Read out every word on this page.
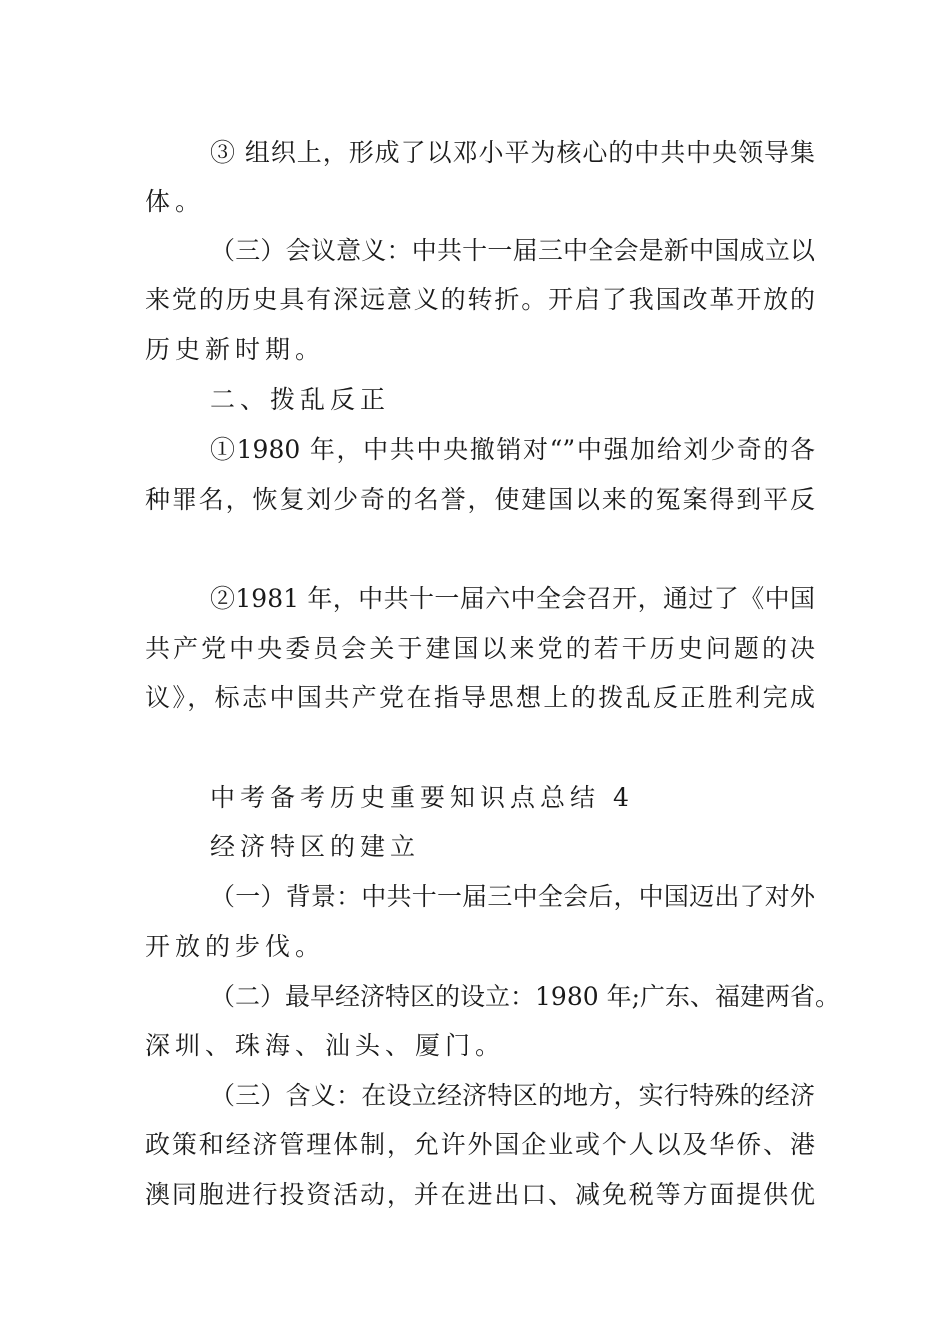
③ 组织上，形成了以邓小平为核心的中共中央领导集
体。
（三）会议意义：中共十一届三中全会是新中国成立以
来党的历史具有深远意义的转折。开启了我国改革开放的
历史新时期。
二、拨乱反正
①1980 年，中共中央撤销对“”中强加给刘少奇的各
种罪名，恢复刘少奇的名誉，使建国以来的冤案得到平反
②1981 年，中共十一届六中全会召开，通过了《中国
共产党中央委员会关于建国以来党的若干历史问题的决
议》，标志中国共产党在指导思想上的拨乱反正胜利完成
中考备考历史重要知识点总结 4
经济特区的建立
（一）背景：中共十一届三中全会后，中国迈出了对外
开放的步伐。
（二）最早经济特区的设立：1980 年;广东、福建两省。
深圳、珠海、汕头、厦门。
（三）含义：在设立经济特区的地方，实行特殊的经济
政策和经济管理体制，允许外国企业或个人以及华侨、港
澳同胞进行投资活动，并在进出口、减免税等方面提供优
